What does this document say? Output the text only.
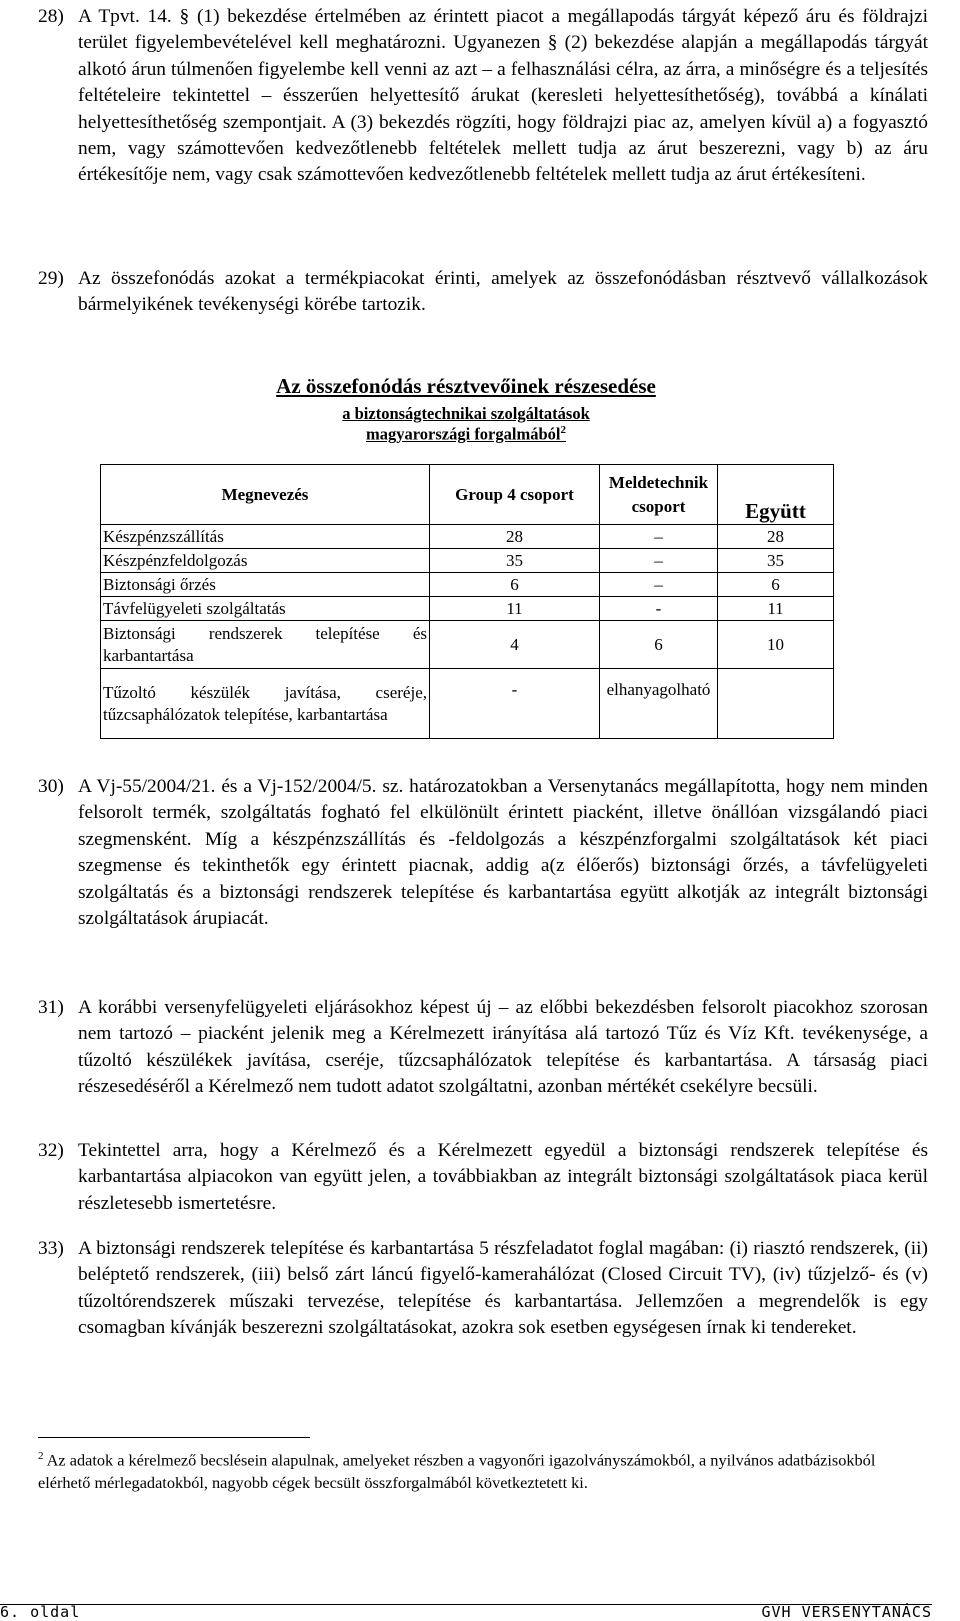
28) A Tpvt. 14. § (1) bekezdése értelmében az érintett piacot a megállapodás tárgyát képező áru és földrajzi terület figyelembevételével kell meghatározni. Ugyanezen § (2) bekezdése alapján a megállapodás tárgyát alkotó árun túlmenően figyelembe kell venni az azt – a felhasználási célra, az árra, a minőségre és a teljesítés feltételeire tekintettel – ésszerűen helyettesítő árukat (keresleti helyettesíthetőség), továbbá a kínálati helyettesíthetőség szempontjait. A (3) bekezdés rögzíti, hogy földrajzi piac az, amelyen kívül a) a fogyasztó nem, vagy számottevően kedvezőtlenebb feltételek mellett tudja az árut beszerezni, vagy b) az áru értékesítője nem, vagy csak számottevően kedvezőtlenebb feltételek mellett tudja az árut értékesíteni.
29) Az összefonódás azokat a termékpiacokat érinti, amelyek az összefonódásban résztvevő vállalkozások bármelyikének tevékenységi körébe tartozik.
Az összefonódás résztvevőinek részesedése
a biztonságtechnikai szolgáltatások
magyarországi forgalmából$^2$
Megnevezés	Group 4 csoport	Meldetechnik csoport	Együtt
Készpénzszállítás	28	–	28
Készpénzfeldolgozás	35	–	35
Biztonsági őrzés	6	–	6
Távfelügyeleti szolgáltatás	11	-	11
Biztonsági rendszerek telepítése és karbantartása	4	6	10
Tűzoltó készülék javítása, cseréje, tűzcsaphálózatok telepítése, karbantartása	-	elhanyagolható	
30) A Vj-55/2004/21. és a Vj-152/2004/5. sz. határozatokban a Versenytanács megállapította, hogy nem minden felsorolt termék, szolgáltatás fogható fel elkülönült érintett piacként, illetve önállóan vizsgálandó piaci szegmensként. Míg a készpénzszállítás és -feldolgozás a készpénzforgalmi szolgáltatások két piaci szegmense és tekinthetők egy érintett piacnak, addig a(z élőerős) biztonsági őrzés, a távfelügyeleti szolgáltatás és a biztonsági rendszerek telepítése és karbantartása együtt alkotják az integrált biztonsági szolgáltatások árupiacát.
31) A korábbi versenyfelügyeleti eljárásokhoz képest új – az előbbi bekezdésben felsorolt piacokhoz szorosan nem tartozó – piacként jelenik meg a Kérelmezett irányítása alá tartozó Tűz és Víz Kft. tevékenysége, a tűzoltó készülékek javítása, cseréje, tűzcsaphálózatok telepítése és karbantartása. A társaság piaci részesedéséről a Kérelmező nem tudott adatot szolgáltatni, azonban mértékét csekélyre becsüli.
32) Tekintettel arra, hogy a Kérelmező és a Kérelmezett egyedül a biztonsági rendszerek telepítése és karbantartása alpiacokon van együtt jelen, a továbbiakban az integrált biztonsági szolgáltatások piaca kerül részletesebb ismertetésre.
33) A biztonsági rendszerek telepítése és karbantartása 5 részfeladatot foglal magában: (i) riasztó rendszerek, (ii) beléptető rendszerek, (iii) belső zárt láncú figyelő-kamerahálózat (Closed Circuit TV), (iv) tűzjelző- és (v) tűzoltórendszerek műszaki tervezése, telepítése és karbantartása. Jellemzően a megrendelők is egy csomagban kívánják beszerezni szolgáltatásokat, azokra sok esetben egységesen írnak ki tendereket.
$^2$ Az adatok a kérelmező becslésein alapulnak, amelyeket részben a vagyonőri igazolványszámokból, a nyilvános adatbázisokból elérhető mérlegadatokból, nagyobb cégek becsült összforgalmából következtetett ki.
6. oldal	GVH VERSENYTANÁCS
